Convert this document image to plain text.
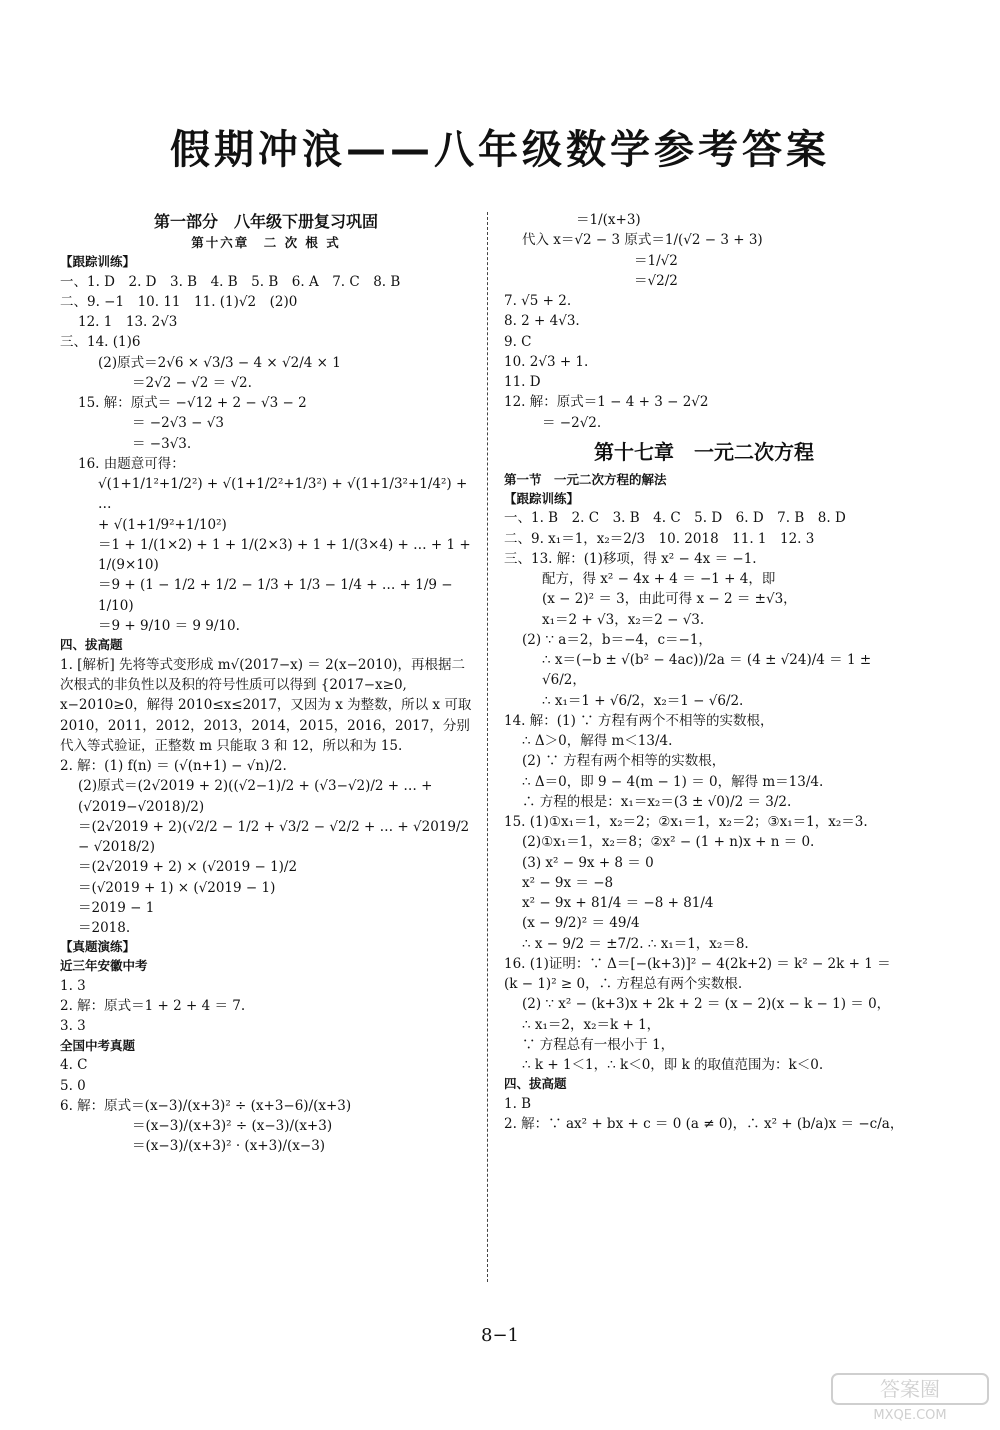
假期冲浪——八年级数学参考答案
第一部分　八年级下册复习巩固
第十六章　二 次 根 式
【跟踪训练】
一、1. D　2. D　3. B　4. B　5. B　6. A　7. C　8. B
二、9. −1　10. 11　11. (1)√2　(2)0
12. 1　13. 2√3
三、14. (1)6
(2)原式＝2√6 × √3/3 − 4 × √2/4 × 1
＝2√2 − √2 ＝ √2.
15. 解：原式＝ −√12 + 2 − √3 − 2
＝ −2√3 − √3
＝ −3√3.
16. 由题意可得：
√(1+1/1²+1/2²) + √(1+1/2²+1/3²) + √(1+1/3²+1/4²) + …
+ √(1+1/9²+1/10²)
＝1 + 1/(1×2) + 1 + 1/(2×3) + 1 + 1/(3×4) + … + 1 + 1/(9×10)
＝9 + (1 − 1/2 + 1/2 − 1/3 + 1/3 − 1/4 + … + 1/9 − 1/10)
＝9 + 9/10 ＝ 9 9/10.
四、拔高题
1. [解析] 先将等式变形成 m√(2017−x) ＝ 2(x−2010)，再根据二次根式的非负性以及积的符号性质可以得到 {2017−x≥0, x−2010≥0，解得 2010≤x≤2017，又因为 x 为整数，所以 x 可取 2010，2011，2012，2013，2014，2015，2016，2017，分别代入等式验证，正整数 m 只能取 3 和 12，所以和为 15.
2. 解：(1) f(n) ＝ (√(n+1) − √n)/2.
(2)原式＝(2√2019 + 2)((√2−1)/2 + (√3−√2)/2 + … + (√2019−√2018)/2)
＝(2√2019 + 2)(√2/2 − 1/2 + √3/2 − √2/2 + … + √2019/2 − √2018/2)
＝(2√2019 + 2) × (√2019 − 1)/2
＝(√2019 + 1) × (√2019 − 1)
＝2019 − 1
＝2018.
【真题演练】
近三年安徽中考
1. 3
2. 解：原式＝1 + 2 + 4 ＝ 7.
3. 3
全国中考真题
4. C
5. 0
6. 解：原式＝(x−3)/(x+3)² ÷ (x+3−6)/(x+3)
＝(x−3)/(x+3)² ÷ (x−3)/(x+3)
＝(x−3)/(x+3)² · (x+3)/(x−3)
＝1/(x+3)
代入 x＝√2 − 3 原式＝1/(√2 − 3 + 3)
＝1/√2
＝√2/2
7. √5 + 2.
8. 2 + 4√3.
9. C
10. 2√3 + 1.
11. D
12. 解：原式＝1 − 4 + 3 − 2√2
＝ −2√2.
第十七章　一元二次方程
第一节　一元二次方程的解法
【跟踪训练】
一、1. B　2. C　3. B　4. C　5. D　6. D　7. B　8. D
二、9. x₁＝1，x₂＝2/3　10. 2018　11. 1　12. 3
三、13. 解：(1)移项，得 x² − 4x ＝ −1.
配方，得 x² − 4x + 4 ＝ −1 + 4，即
(x − 2)² ＝ 3，由此可得 x − 2 ＝ ±√3，
x₁＝2 + √3，x₂＝2 − √3.
(2) ∵ a＝2，b＝−4，c＝−1，
∴ x＝(−b ± √(b² − 4ac))/2a ＝ (4 ± √24)/4 ＝ 1 ± √6/2，
∴ x₁＝1 + √6/2，x₂＝1 − √6/2.
14. 解：(1) ∵ 方程有两个不相等的实数根，
∴ Δ＞0，解得 m＜13/4.
(2) ∵ 方程有两个相等的实数根，
∴ Δ＝0，即 9 − 4(m − 1) ＝ 0，解得 m＝13/4.
∴ 方程的根是：x₁＝x₂＝(3 ± √0)/2 ＝ 3/2.
15. (1)①x₁＝1，x₂＝2；②x₁＝1，x₂＝2；③x₁＝1，x₂＝3.
(2)①x₁＝1，x₂＝8；②x² − (1 + n)x + n ＝ 0.
(3) x² − 9x + 8 ＝ 0
x² − 9x ＝ −8
x² − 9x + 81/4 ＝ −8 + 81/4
(x − 9/2)² ＝ 49/4
∴ x − 9/2 ＝ ±7/2. ∴ x₁＝1，x₂＝8.
16. (1)证明：∵ Δ＝[−(k+3)]² − 4(2k+2) ＝ k² − 2k + 1 ＝ (k − 1)² ≥ 0，∴ 方程总有两个实数根.
(2) ∵ x² − (k+3)x + 2k + 2 ＝ (x − 2)(x − k − 1) ＝ 0，
∴ x₁＝2，x₂＝k + 1，
∵ 方程总有一根小于 1，
∴ k + 1＜1，∴ k＜0，即 k 的取值范围为：k＜0.
四、拔高题
1. B
2. 解：∵ ax² + bx + c ＝ 0 (a ≠ 0)，∴ x² + (b/a)x ＝ −c/a，
8−1
答案圈
MXQE.COM
